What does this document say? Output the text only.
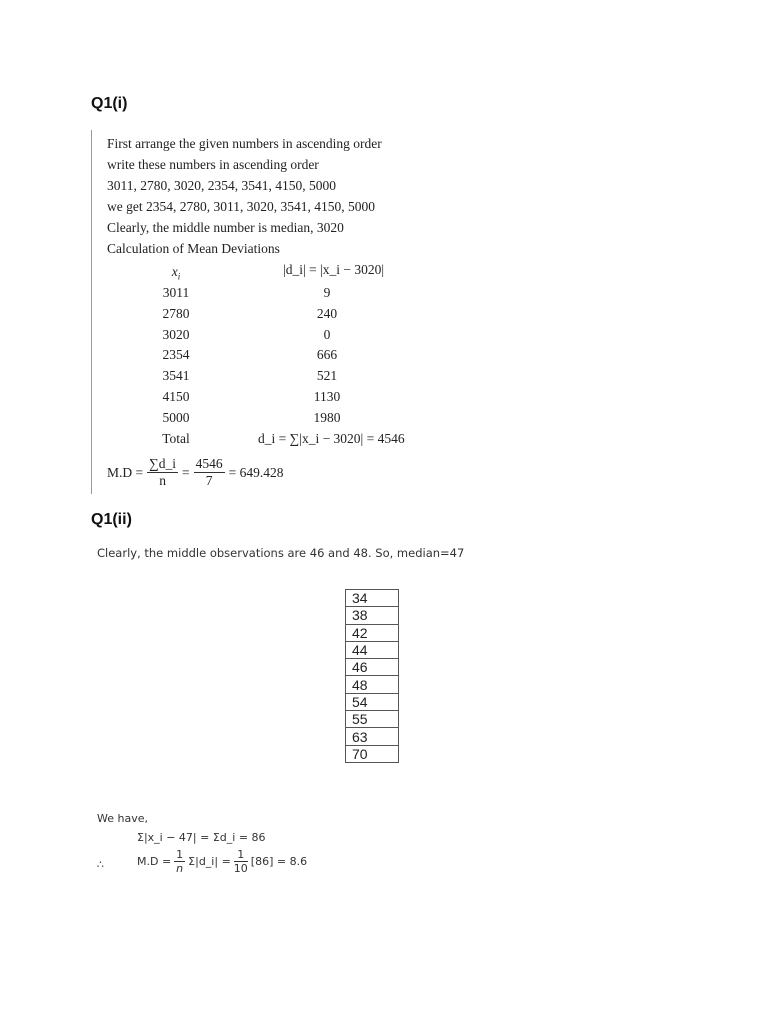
Q1(i)
First arrange the given numbers in ascending order
write these numbers in ascending order
3011, 2780, 3020, 2354, 3541, 4150, 5000
we get 2354, 2780, 3011, 3020, 3541, 4150, 5000
Clearly, the middle number is median, 3020
Calculation of Mean Deviations
$x_i$	|d_i| = |x_i − 3020|
3011	9
2780	240
3020	0
2354	666
3541	521
4150	1130
5000	1980
Total	d_i = ∑|x_i − 3020| = 4546
$M.D = \frac{\sum d\_i}{n} = \frac{4546}{7} = 649.428$
Q1(ii)
Clearly, the middle observations are 46 and 48. So, median=47
34
38
42
44
46
48
54
55
63
70
We have,
Σ|x_i − 47| = Σd_i = 86
∴	$M.D = \frac{1}{n}$ Σ|d_i| = $\frac{1}{10} [86] = 8.6$
